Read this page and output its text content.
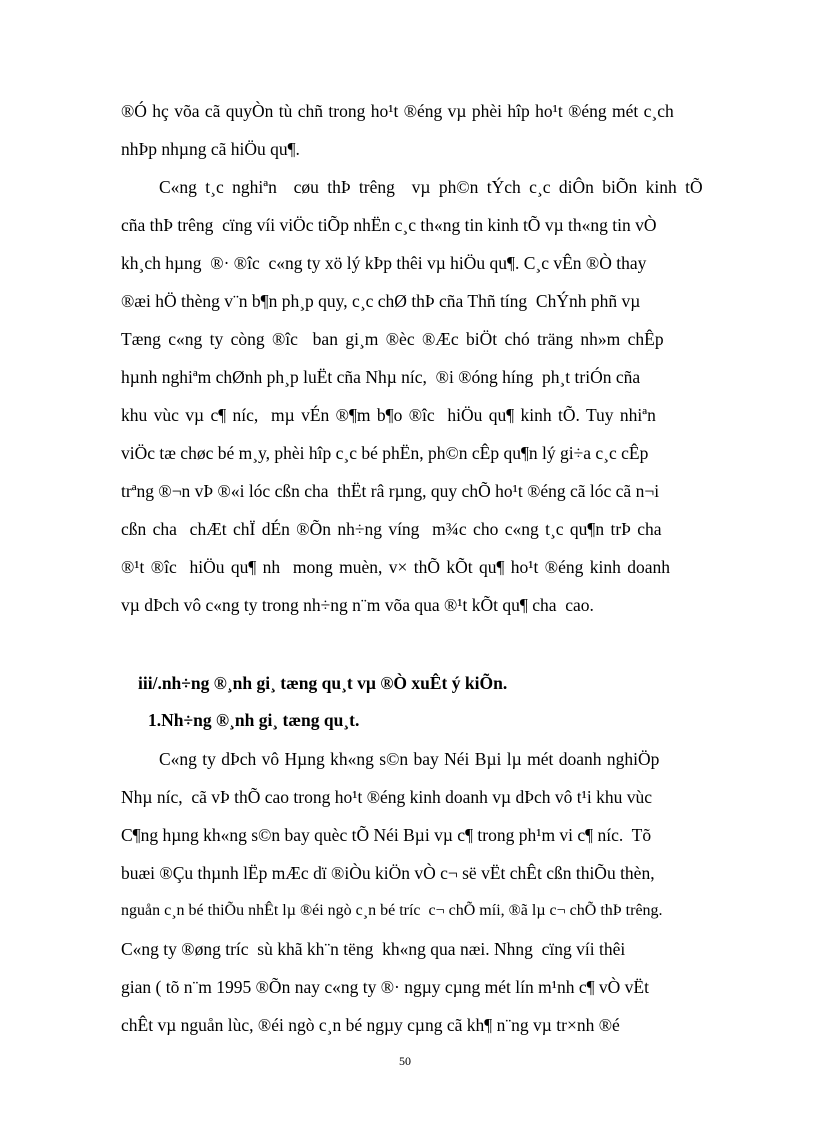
®Ó hç võa cã quyÒn tù chñ trong ho¹t ®éng vµ phèi hîp ho¹t ®éng mét c¸ch
nhÞp nhµng cã hiÖu qu¶.
C«ng t¸c nghiªn  cøu thÞ trêng  vµ ph©n tÝch c¸c diÔn biÕn kinh tÕ
cña thÞ trêng  cïng víi viÖc tiÕp nhËn c¸c th«ng tin kinh tÕ vµ th«ng tin vÒ
kh¸ch hµng  ®· ®îc  c«ng ty xö lý kÞp thêi vµ hiÖu qu¶. C¸c vÊn ®Ò thay
®æi hÖ thèng v¨n b¶n ph¸p quy, c¸c chØ thÞ cña Thñ tíng  ChÝnh phñ vµ
Tæng c«ng ty còng ®îc  ban gi¸m ®èc ®Æc biÖt chó träng nh»m chÊp
hµnh nghiªm chØnh ph¸p luËt cña Nhµ níc,  ®i ®óng híng  ph¸t triÓn cña
khu vùc vµ c¶ níc,  mµ vÉn ®¶m b¶o ®îc  hiÖu qu¶ kinh tÕ. Tuy nhiªn
viÖc tæ chøc bé m¸y, phèi hîp c¸c bé phËn, ph©n cÊp qu¶n lý gi÷a c¸c cÊp
trªng ®¬n vÞ ®«i lóc cßn cha  thËt râ rµng, quy chÕ ho¹t ®éng cã lóc cã n¬i
cßn cha  chÆt chÏ dÉn ®Õn nh÷ng víng  m¾c cho c«ng t¸c qu¶n trÞ cha
®¹t ®îc  hiÖu qu¶ nh  mong muèn, v× thÕ kÕt qu¶ ho¹t ®éng kinh doanh
vµ dÞch vô c«ng ty trong nh÷ng n¨m võa qua ®¹t kÕt qu¶ cha  cao.
iii/.nh÷ng ®¸nh gi¸ tæng qu¸t vµ ®Ò xuÊt ý kiÕn.
1.Nh÷ng ®¸nh gi¸ tæng qu¸t.
C«ng ty dÞch vô Hµng kh«ng s©n bay Néi Bµi lµ mét doanh nghiÖp
Nhµ níc,  cã vÞ thÕ cao trong ho¹t ®éng kinh doanh vµ dÞch vô t¹i khu vùc
C¶ng hµng kh«ng s©n bay quèc tÕ Néi Bµi vµ c¶ trong ph¹m vi c¶ níc.  Tõ
buæi ®Çu thµnh lËp mÆc dï ®iÒu kiÖn vÒ c¬ së vËt chÊt cßn thiÕu thèn,
nguån c¸n bé thiÕu nhÊt lµ ®éi ngò c¸n bé tríc  c¬ chÕ míi, ®ã lµ c¬ chÕ thÞ trêng.
C«ng ty ®øng tríc  sù khã kh¨n tëng  kh«ng qua næi. Nhng  cïng víi thêi
gian ( tõ n¨m 1995 ®Õn nay c«ng ty ®· ngµy cµng mét lín m¹nh c¶ vÒ vËt
chÊt vµ nguån lùc, ®éi ngò c¸n bé ngµy cµng cã kh¶ n¨ng vµ tr×nh ®é
50
